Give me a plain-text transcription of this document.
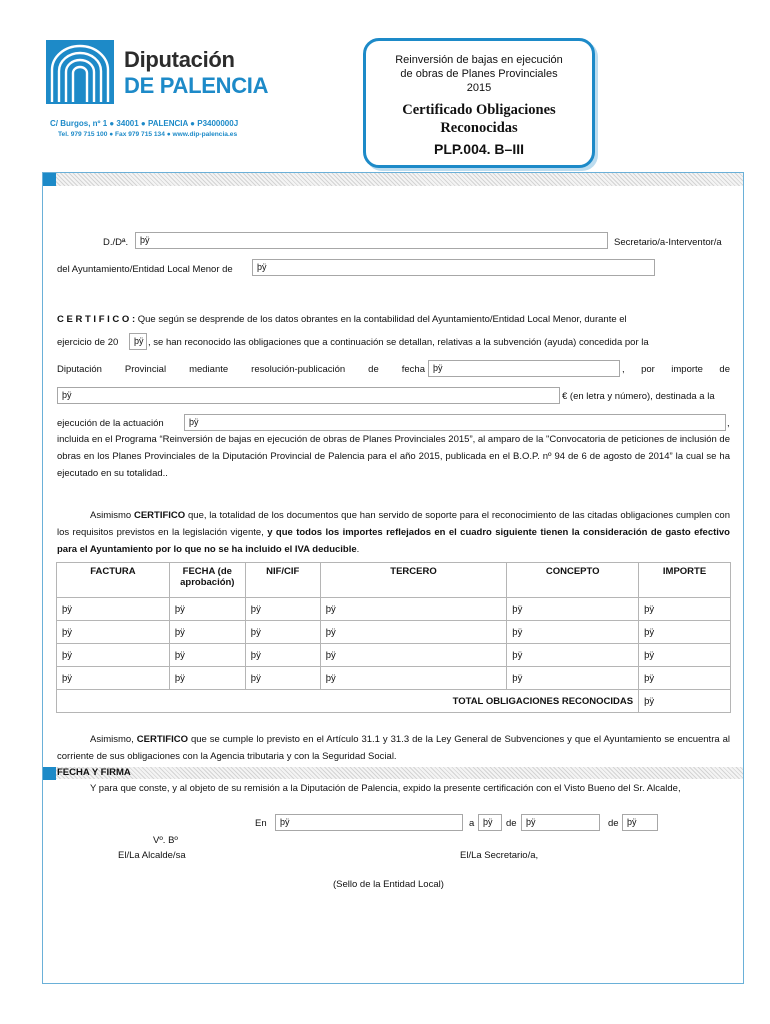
Diputación
DE PALENCIA
C/ Burgos, nº 1 ● 34001 ● PALENCIA ● P3400000J
Tel. 979 715 100 ● Fax 979 715 134 ● www.dip-palencia.es
Reinversión de bajas en ejecución
de obras de Planes Provinciales
2015
Certificado Obligaciones
Reconocidas
PLP.004. B–III
D./Dª.	þÿ	Secretario/a-Interventor/a
del Ayuntamiento/Entidad Local Menor de	þÿ
C E R T I F I C O : Que según se desprende de los datos obrantes en la contabilidad del Ayuntamiento/Entidad Local Menor, durante el
ejercicio de 20	þÿ , se han reconocido las obligaciones que a continuación se detallan, relativas a la subvención (ayuda) concedida por la
Diputación Provincial mediante resolución-publicación de fecha þÿ	, por importe de
þÿ	€ (en letra y número), destinada a la
ejecución de la actuación	þÿ	,
incluida en el Programa “Reinversión de bajas en ejecución de obras de Planes Provinciales 2015”, al amparo de la "Convocatoria de peticiones de inclusión de obras en los Planes Provinciales de la Diputación Provincial de Palencia para el año 2015, publicada en el B.O.P. nº 94 de 6 de agosto de 2014” la cual se ha ejecutado en su totalidad..
Asimismo CERTIFICO que, la totalidad de los documentos que han servido de soporte para el reconocimiento de las citadas obligaciones cumplen con los requisitos previstos en la legislación vigente, y que todos los importes reflejados en el cuadro siguiente tienen la consideración de gasto efectivo para el Ayuntamiento por lo que no se ha incluido el IVA deducible.
FACTURA	FECHA (de aprobación)	NIF/CIF	TERCERO	CONCEPTO	IMPORTE
þÿ	þÿ	þÿ	þÿ	þÿ	þÿ
þÿ	þÿ	þÿ	þÿ	þÿ	þÿ
þÿ	þÿ	þÿ	þÿ	þÿ	þÿ
þÿ	þÿ	þÿ	þÿ	þÿ	þÿ
TOTAL OBLIGACIONES RECONOCIDAS					þÿ
Asimismo, CERTIFICO que se cumple lo previsto en el Artículo 31.1 y 31.3 de la Ley General de Subvenciones y que el Ayuntamiento se encuentra al corriente de sus obligaciones con la Agencia tributaria y con la Seguridad Social.
FECHA Y FIRMA
Y para que conste, y al objeto de su remisión a la Diputación de Palencia, expido la presente certificación con el Visto Bueno del Sr. Alcalde,
En	þÿ	a þÿ	de	þÿ	de þÿ
Vº. Bº
El/La Alcalde/sa	El/La Secretario/a,
(Sello de la Entidad Local)
